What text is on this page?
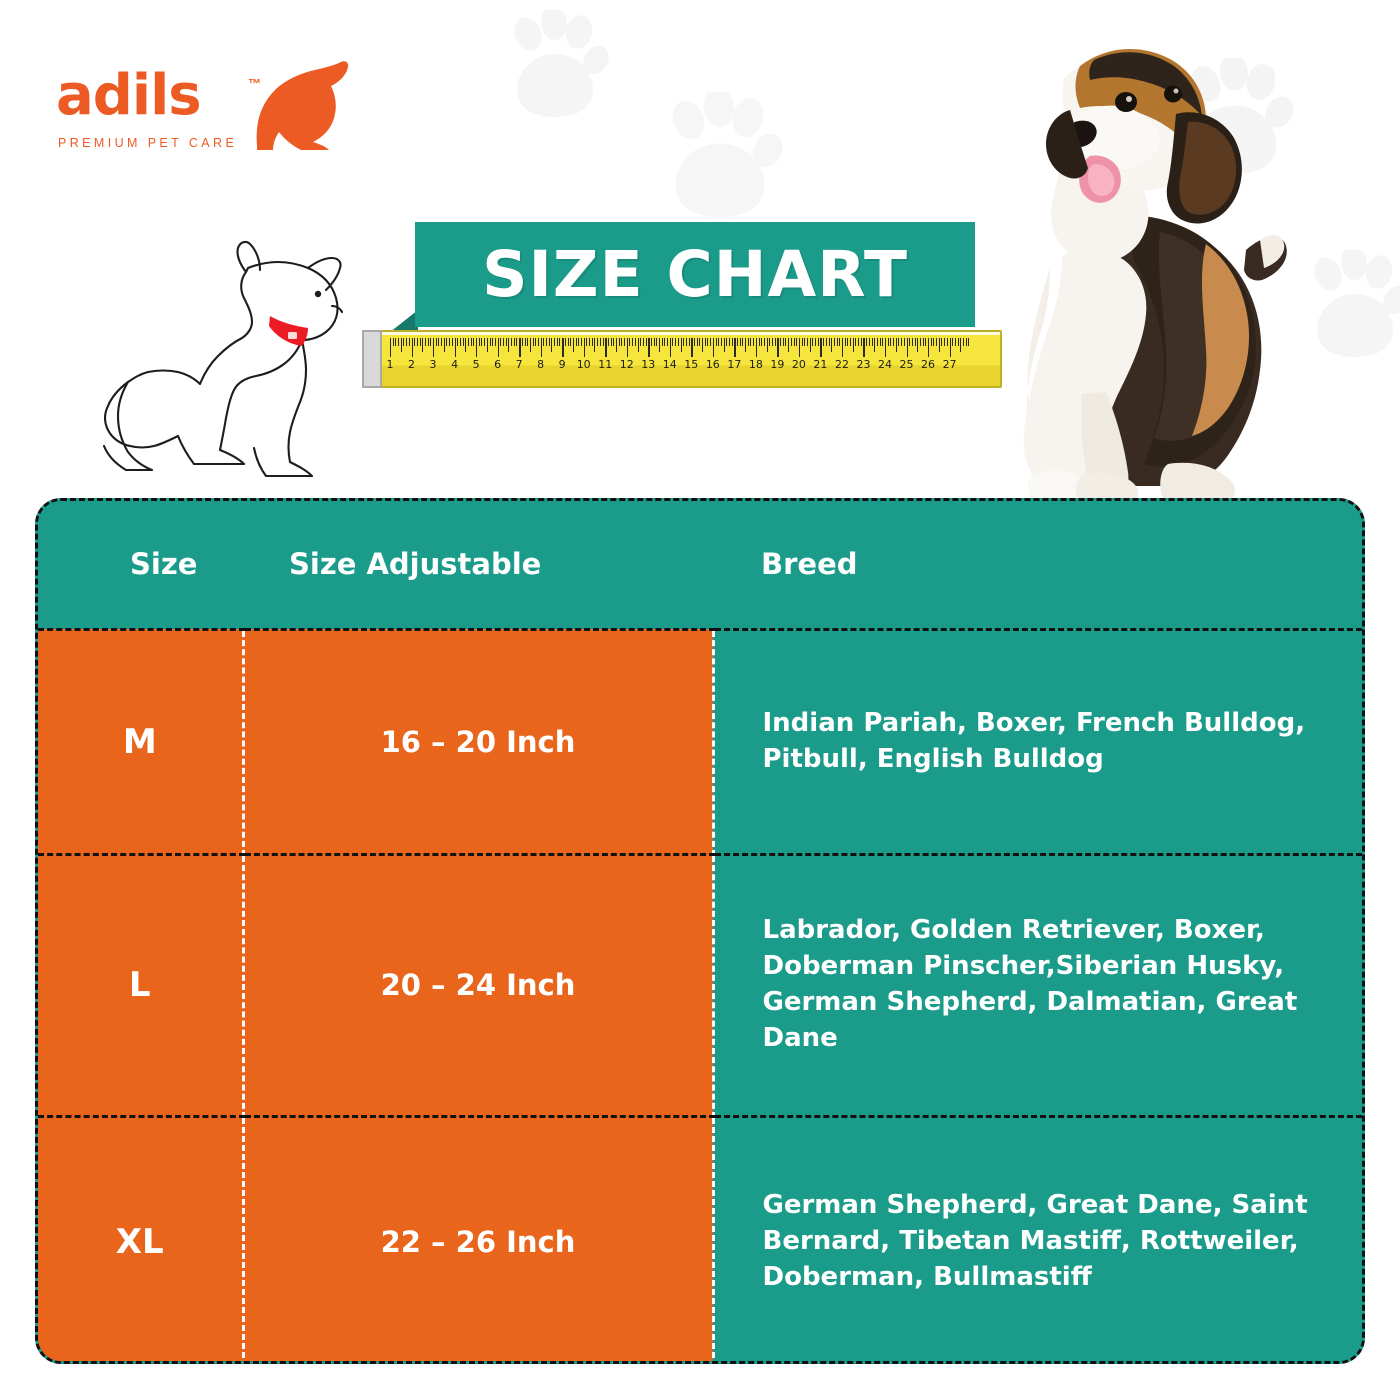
adils	™
PREMIUM PET CARE
SIZE CHART
1 2 3 4 5 6 7 8 9 10 11 12 13 14 15 16 17 18 19 20 21 22 23 24 25 26 27
Size	Size Adjustable	Breed
M	16 – 20 Inch	Indian Pariah, Boxer, French Bulldog, Pitbull, English Bulldog
L	20 – 24 Inch	Labrador, Golden Retriever, Boxer, Doberman Pinscher,Siberian Husky, German Shepherd, Dalmatian, Great Dane
XL	22 – 26 Inch	German Shepherd, Great Dane, Saint Bernard, Tibetan Mastiff, Rottweiler, Doberman, Bullmastiff
